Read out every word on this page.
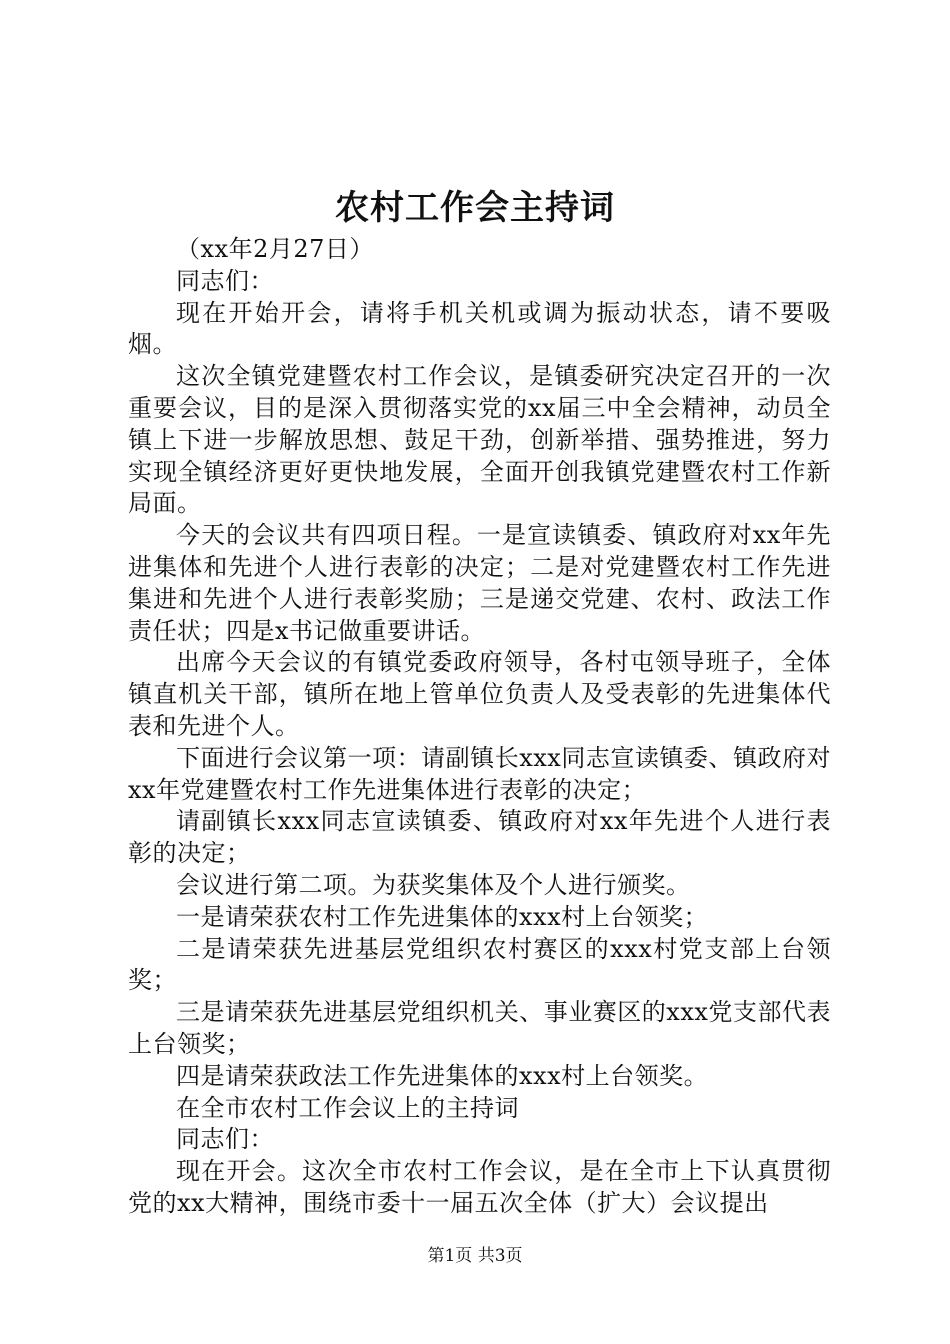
农村工作会主持词

（xx年2月27日）

同志们：

现在开始开会，请将手机关机或调为振动状态，请不要吸烟。

这次全镇党建暨农村工作会议，是镇委研究决定召开的一次重要会议，目的是深入贯彻落实党的xx届三中全会精神，动员全镇上下进一步解放思想、鼓足干劲，创新举措、强势推进，努力实现全镇经济更好更快地发展，全面开创我镇党建暨农村工作新局面。

今天的会议共有四项日程。一是宣读镇委、镇政府对xx年先进集体和先进个人进行表彰的决定；二是对党建暨农村工作先进集进和先进个人进行表彰奖励；三是递交党建、农村、政法工作责任状；四是x书记做重要讲话。

出席今天会议的有镇党委政府领导，各村屯领导班子，全体镇直机关干部，镇所在地上管单位负责人及受表彰的先进集体代表和先进个人。

下面进行会议第一项：请副镇长xxx同志宣读镇委、镇政府对xx年党建暨农村工作先进集体进行表彰的决定；

请副镇长xxx同志宣读镇委、镇政府对xx年先进个人进行表彰的决定；

会议进行第二项。为获奖集体及个人进行颁奖。

一是请荣获农村工作先进集体的xxx村上台领奖；

二是请荣获先进基层党组织农村赛区的xxx村党支部上台领奖；

三是请荣获先进基层党组织机关、事业赛区的xxx党支部代表上台领奖；

四是请荣获政法工作先进集体的xxx村上台领奖。

在全市农村工作会议上的主持词

同志们：

现在开会。这次全市农村工作会议，是在全市上下认真贯彻党的xx大精神，围绕市委十一届五次全体（扩大）会议提出

第1页 共3页
